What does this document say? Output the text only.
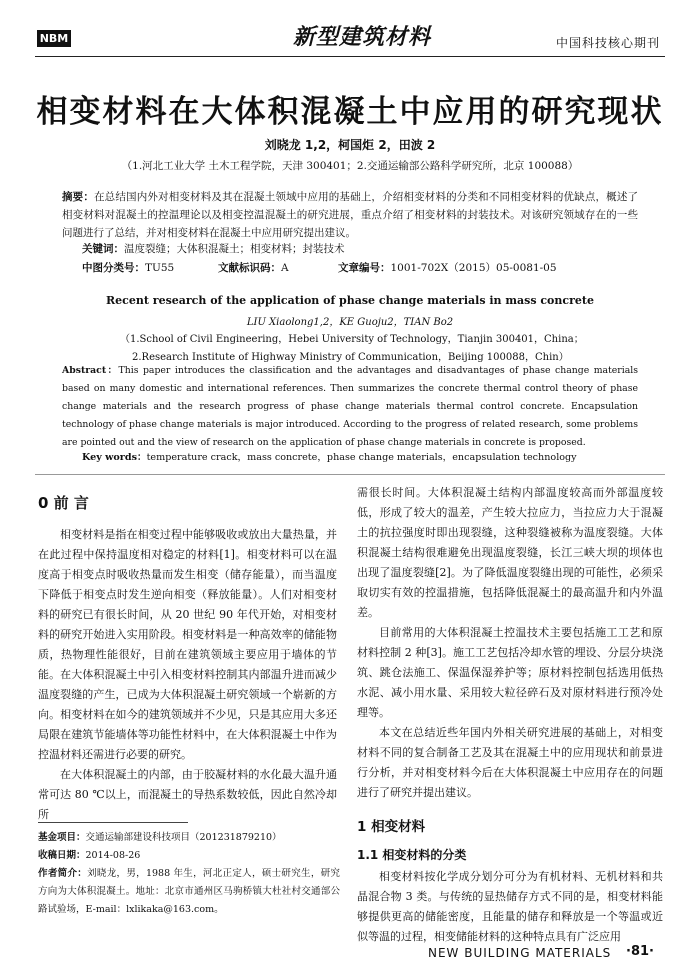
NBM	新型建筑材料	中国科技核心期刊
相变材料在大体积混凝土中应用的研究现状
刘晓龙 1,2，柯国炬 2，田波 2
（1.河北工业大学 土木工程学院，天津 300401；2.交通运输部公路科学研究所，北京 100088）
摘要：在总结国内外对相变材料及其在混凝土领域中应用的基础上，介绍相变材料的分类和不同相变材料的优缺点，概述了相变材料对混凝土的控温理论以及相变控温混凝土的研究进展，重点介绍了相变材料的封装技术。对该研究领域存在的一些问题进行了总结，并对相变材料在混凝土中应用研究提出建议。
关键词：温度裂缝；大体积混凝土；相变材料；封装技术
中图分类号：TU55	文献标识码：A	文章编号：1001-702X（2015）05-0081-05
Recent research of the application of phase change materials in mass concrete
LIU Xiaolong1,2，KE Guoju2，TIAN Bo2
（1.School of Civil Engineering，Hebei University of Technology，Tianjin 300401，China；
2.Research Institute of Highway Ministry of Communication，Beijing 100088，Chin）
Abstract：This paper introduces the classification and the advantages and disadvantages of phase change materials based on many domestic and international references. Then summarizes the concrete thermal control theory of phase change materials and the research progress of phase change materials thermal control concrete. Encapsulation technology of phase change materials is major introduced. According to the progress of related research, some problems are pointed out and the view of research on the application of phase change materials in concrete is proposed.
Key words：temperature crack，mass concrete，phase change materials，encapsulation technology
0 前 言

相变材料是指在相变过程中能够吸收或放出大量热量，并在此过程中保持温度相对稳定的材料[1]。相变材料可以在温度高于相变点时吸收热量而发生相变（储存能量），而当温度下降低于相变点时发生逆向相变（释放能量）。人们对相变材料的研究已有很长时间，从 20 世纪 90 年代开始，对相变材料的研究开始进入实用阶段。相变材料是一种高效率的储能物质，热物理性能很好，目前在建筑领域主要应用于墙体的节能。在大体积混凝土中引入相变材料控制其内部温升进而减少温度裂缝的产生，已成为大体积混凝土研究领域一个崭新的方向。相变材料在如今的建筑领域并不少见，只是其应用大多还局限在建筑节能墙体等功能性材料中，在大体积混凝土中作为控温材料还需进行必要的研究。

在大体积混凝土的内部，由于胶凝材料的水化最大温升通常可达 80 ℃以上，而混凝土的导热系数较低，因此自然冷却所

基金项目：交通运输部建设科技项目（201231879210）
收稿日期：2014-08-26
作者简介：刘晓龙，男，1988 年生，河北正定人，硕士研究生，研究方向为大体积混凝土。地址：北京市通州区马驹桥镇大杜社村交通部公路试验场，E-mail：lxlikaka@163.com。

需很长时间。大体积混凝土结构内部温度较高而外部温度较低，形成了较大的温差，产生较大拉应力，当拉应力大于混凝土的抗拉强度时即出现裂缝，这种裂缝被称为温度裂缝。大体积混凝土结构很难避免出现温度裂缝，长江三峡大坝的坝体也出现了温度裂缝[2]。为了降低温度裂缝出现的可能性，必须采取切实有效的控温措施，包括降低混凝土的最高温升和内外温差。

目前常用的大体积混凝土控温技术主要包括施工工艺和原材料控制 2 种[3]。施工工艺包括冷却水管的埋设、分层分块浇筑、跳仓法施工、保温保湿养护等；原材料控制包括选用低热水泥、减小用水量、采用较大粒径碎石及对原材料进行预冷处理等。

本文在总结近些年国内外相关研究进展的基础上，对相变材料不同的复合制备工艺及其在混凝土中的应用现状和前景进行分析，并对相变材料今后在大体积混凝土中应用存在的问题进行了研究并提出建议。

1 相变材料
1.1 相变材料的分类

相变材料按化学成分划分可分为有机材料、无机材料和共晶混合物 3 类。与传统的显热储存方式不同的是，相变材料能够提供更高的储能密度，且能量的储存和释放是一个等温或近似等温的过程，相变储能材料的这种特点具有广泛应用

NEW BUILDING MATERIALS ·81·
